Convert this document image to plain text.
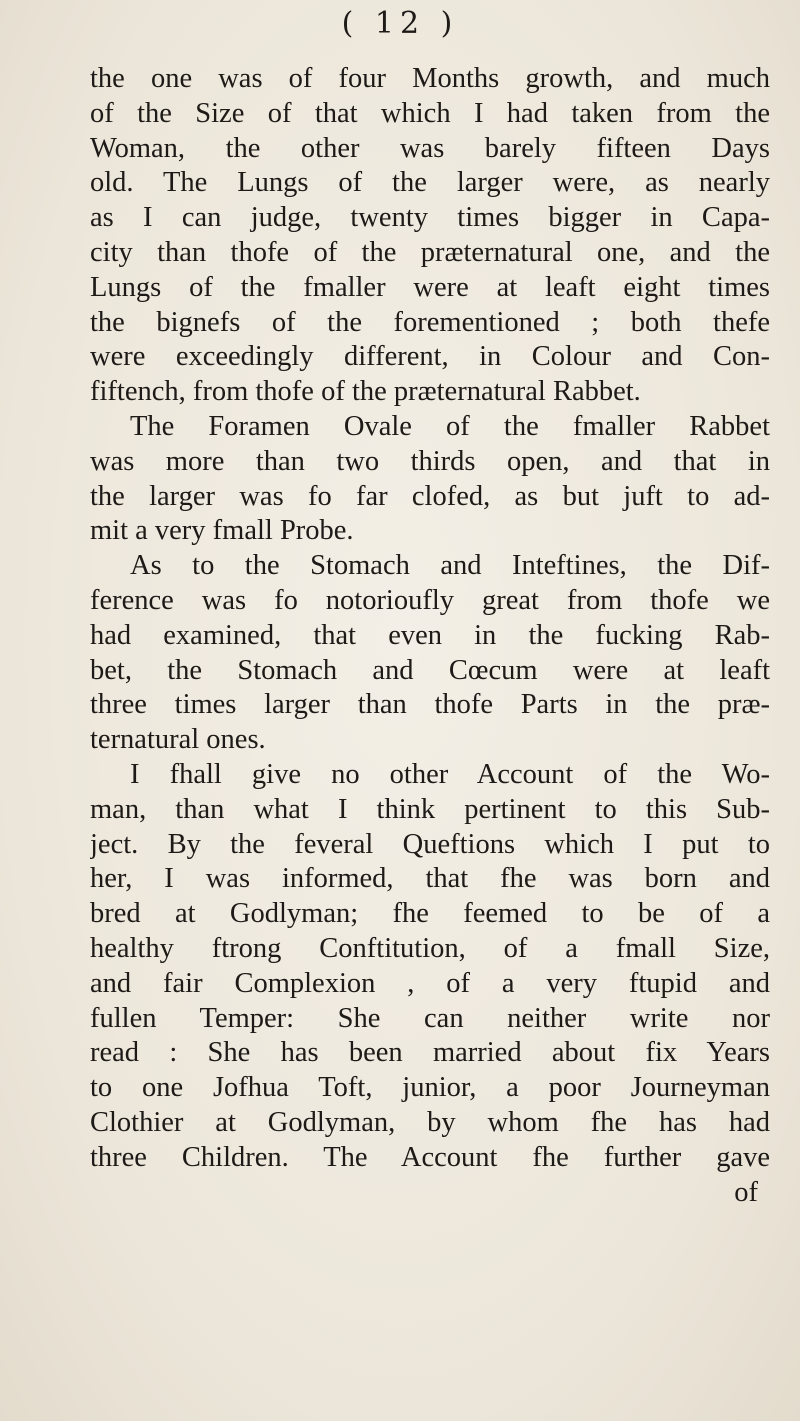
( 12 )
the one was of four Months growth, and much
of the Size of that which I had taken from the
Woman, the other was barely fifteen Days
old. The Lungs of the larger were, as nearly
as I can judge, twenty times bigger in Capa-
city than thofe of the prӕternatural one, and the
Lungs of the fmaller were at leaft eight times
the bignefs of the forementioned ; both thefe
were exceedingly different, in Colour and Con-
fiftench, from thofe of the prӕternatural Rabbet.
The Foramen Ovale of the fmaller Rabbet
was more than two thirds open, and that in
the larger was fo far clofed, as but juft to ad-
mit a very fmall Probe.
As to the Stomach and Inteftines, the Dif-
ference was fo notorioufly great from thofe we
had examined, that even in the fucking Rab-
bet, the Stomach and Cœcum were at leaft
three times larger than thofe Parts in the prӕ-
ternatural ones.
I fhall give no other Account of the Wo-
man, than what I think pertinent to this Sub-
ject. By the feveral Queftions which I put to
her, I was informed, that fhe was born and
bred at Godlyman; fhe feemed to be of a
healthy ftrong Conftitution, of a fmall Size,
and fair Complexion , of a very ftupid and
fullen Temper: She can neither write nor
read : She has been married about fix Years
to one Jofhua Toft, junior, a poor Journeyman
Clothier at Godlyman, by whom fhe has had
three Children. The Account fhe further gave
of
